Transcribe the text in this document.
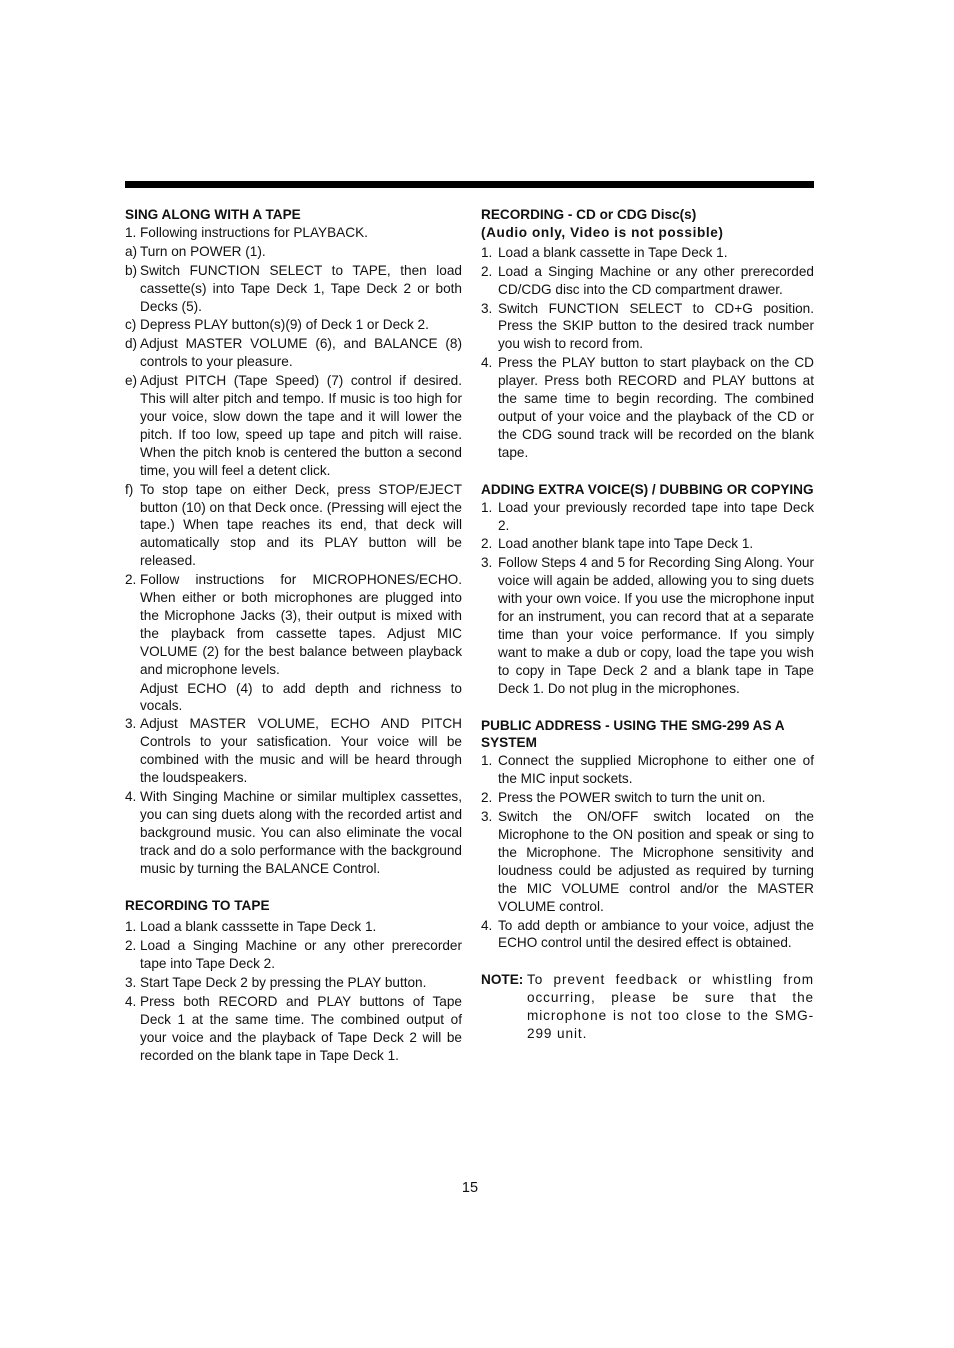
SING ALONG WITH A TAPE

1. Following instructions for PLAYBACK.
a) Turn on POWER (1).
b) Switch FUNCTION SELECT to TAPE, then load cassette(s) into Tape Deck 1, Tape Deck 2 or both Decks (5).
c) Depress PLAY button(s)(9) of Deck 1 or Deck 2.
d) Adjust MASTER VOLUME (6), and BALANCE (8) controls to your pleasure.
e) Adjust PITCH (Tape Speed) (7) control if desired. This will alter pitch and tempo. If music is too high for your voice, slow down the tape and it will lower the pitch. If too low, speed up tape and pitch will raise. When the pitch knob is centered the button a second time, you will feel a detent click.
f) To stop tape on either Deck, press STOP/EJECT button (10) on that Deck once. (Pressing will eject the tape.) When tape reaches its end, that deck will automatically stop and its PLAY button will be released.
2. Follow instructions for MICROPHONES/ECHO. When either or both microphones are plugged into the Microphone Jacks (3), their output is mixed with the playback from cassette tapes. Adjust MIC VOLUME (2) for the best balance between playback and microphone levels.

Adjust ECHO (4) to add depth and richness to vocals.

3. Adjust MASTER VOLUME, ECHO AND PITCH Controls to your satisfication. Your voice will be combined with the music and will be heard through the loudspeakers.
4. With Singing Machine or similar multiplex cassettes, you can sing duets along with the recorded artist and background music. You can also eliminate the vocal track and do a solo performance with the background music by turning the BALANCE Control.

RECORDING TO TAPE

1. Load a blank casssette in Tape Deck 1.
2. Load a Singing Machine or any other prerecorder tape into Tape Deck 2.
3. Start Tape Deck 2 by pressing the PLAY button.
4. Press both RECORD and PLAY buttons of Tape Deck 1 at the same time. The combined output of your voice and the playback of Tape Deck 2 will be recorded on the blank tape in Tape Deck 1.

RECORDING - CD or CDG Disc(s)

(Audio only, Video is not possible)

1. Load a blank cassette in Tape Deck 1.
2. Load a Singing Machine or any other prerecorded CD/CDG disc into the CD compartment drawer.
3. Switch FUNCTION SELECT to CD+G position. Press the SKIP button to the desired track number you wish to record from.
4. Press the PLAY button to start playback on the CD player. Press both RECORD and PLAY buttons at the same time to begin recording. The combined output of your voice and the playback of the CD or the CDG sound track will be recorded on the blank tape.

ADDING EXTRA VOICE(S) / DUBBING OR COPYING

1. Load your previously recorded tape into tape Deck 2.
2. Load another blank tape into Tape Deck 1.
3. Follow Steps 4 and 5 for Recording Sing Along. Your voice will again be added, allowing you to sing duets with your own voice. If you use the microphone input for an instrument, you can record that at a separate time than your voice performance. If you simply want to make a dub or copy, load the tape you wish to copy in Tape Deck 2 and a blank tape in Tape Deck 1. Do not plug in the microphones.

PUBLIC ADDRESS - USING THE SMG-299 AS A SYSTEM

1. Connect the supplied Microphone to either one of the MIC input sockets.
2. Press the POWER switch to turn the unit on.
3. Switch the ON/OFF switch located on the Microphone to the ON position and speak or sing to the Microphone. The Microphone sensitivity and loudness could be adjusted as required by turning the MIC VOLUME control and/or the MASTER VOLUME control.
4. To add depth or ambiance to your voice, adjust the ECHO control until the desired effect is obtained.
NOTE: To prevent feedback or whistling from occurring, please be sure that the microphone is not too close to the SMG-299 unit.
15
